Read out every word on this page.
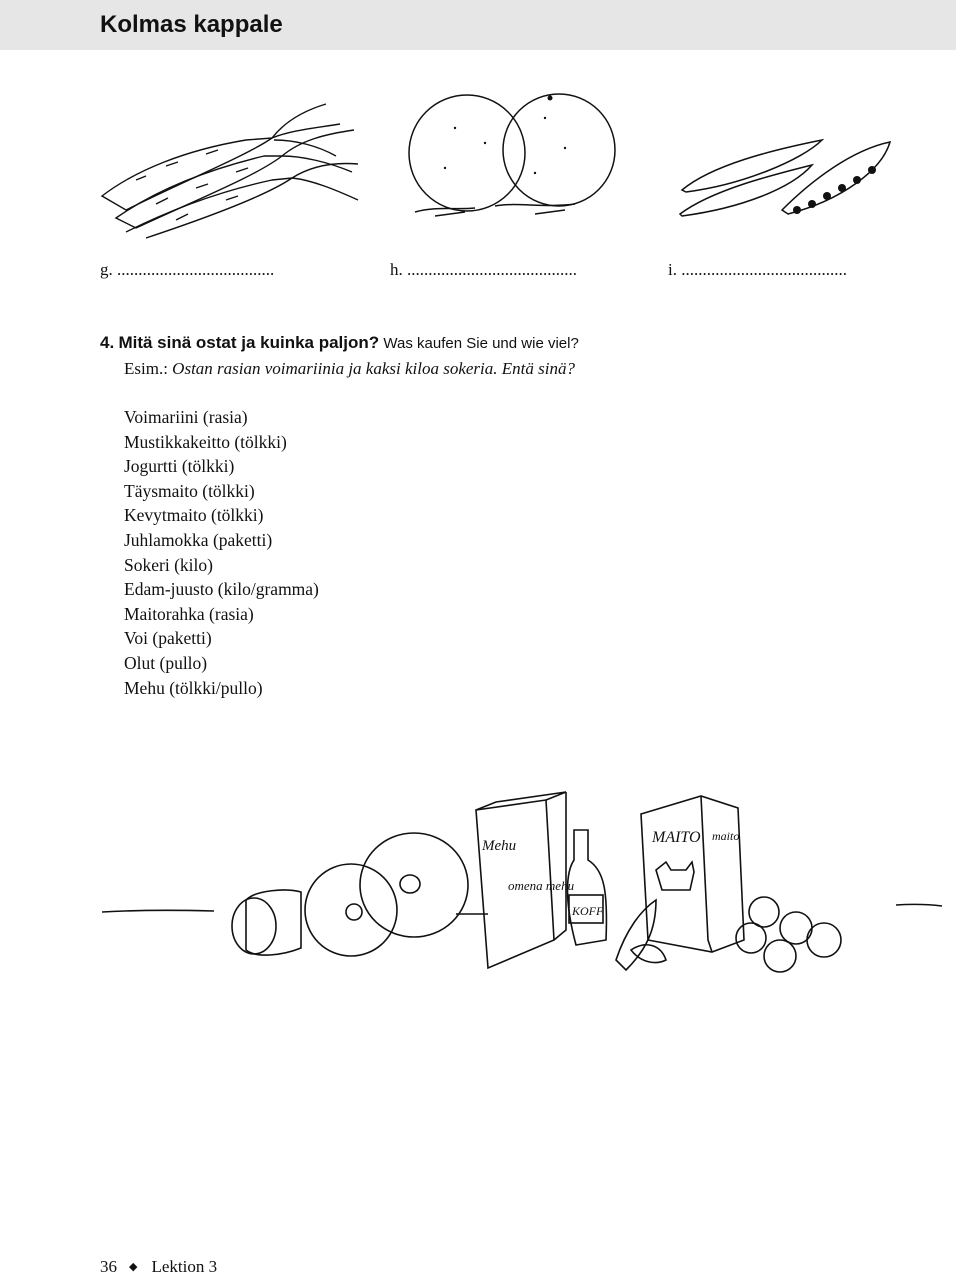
Kolmas kappale
g. .....................................	h. ........................................	i. .......................................
4. Mitä sinä ostat ja kuinka paljon? Was kaufen Sie und wie viel?
Esim.: Ostan rasian voimariinia ja kaksi kiloa sokeria. Entä sinä?
Voimariini (rasia)
Mustikkakeitto (tölkki)
Jogurtti (tölkki)
Täysmaito (tölkki)
Kevytmaito (tölkki)
Juhlamokka (paketti)
Sokeri (kilo)
Edam-juusto (kilo/gramma)
Maitorahka (rasia)
Voi (paketti)
Olut (pullo)
Mehu (tölkki/pullo)
Mehu
omena mehu
KOFF
MAITO maito
36 ◆ Lektion 3
